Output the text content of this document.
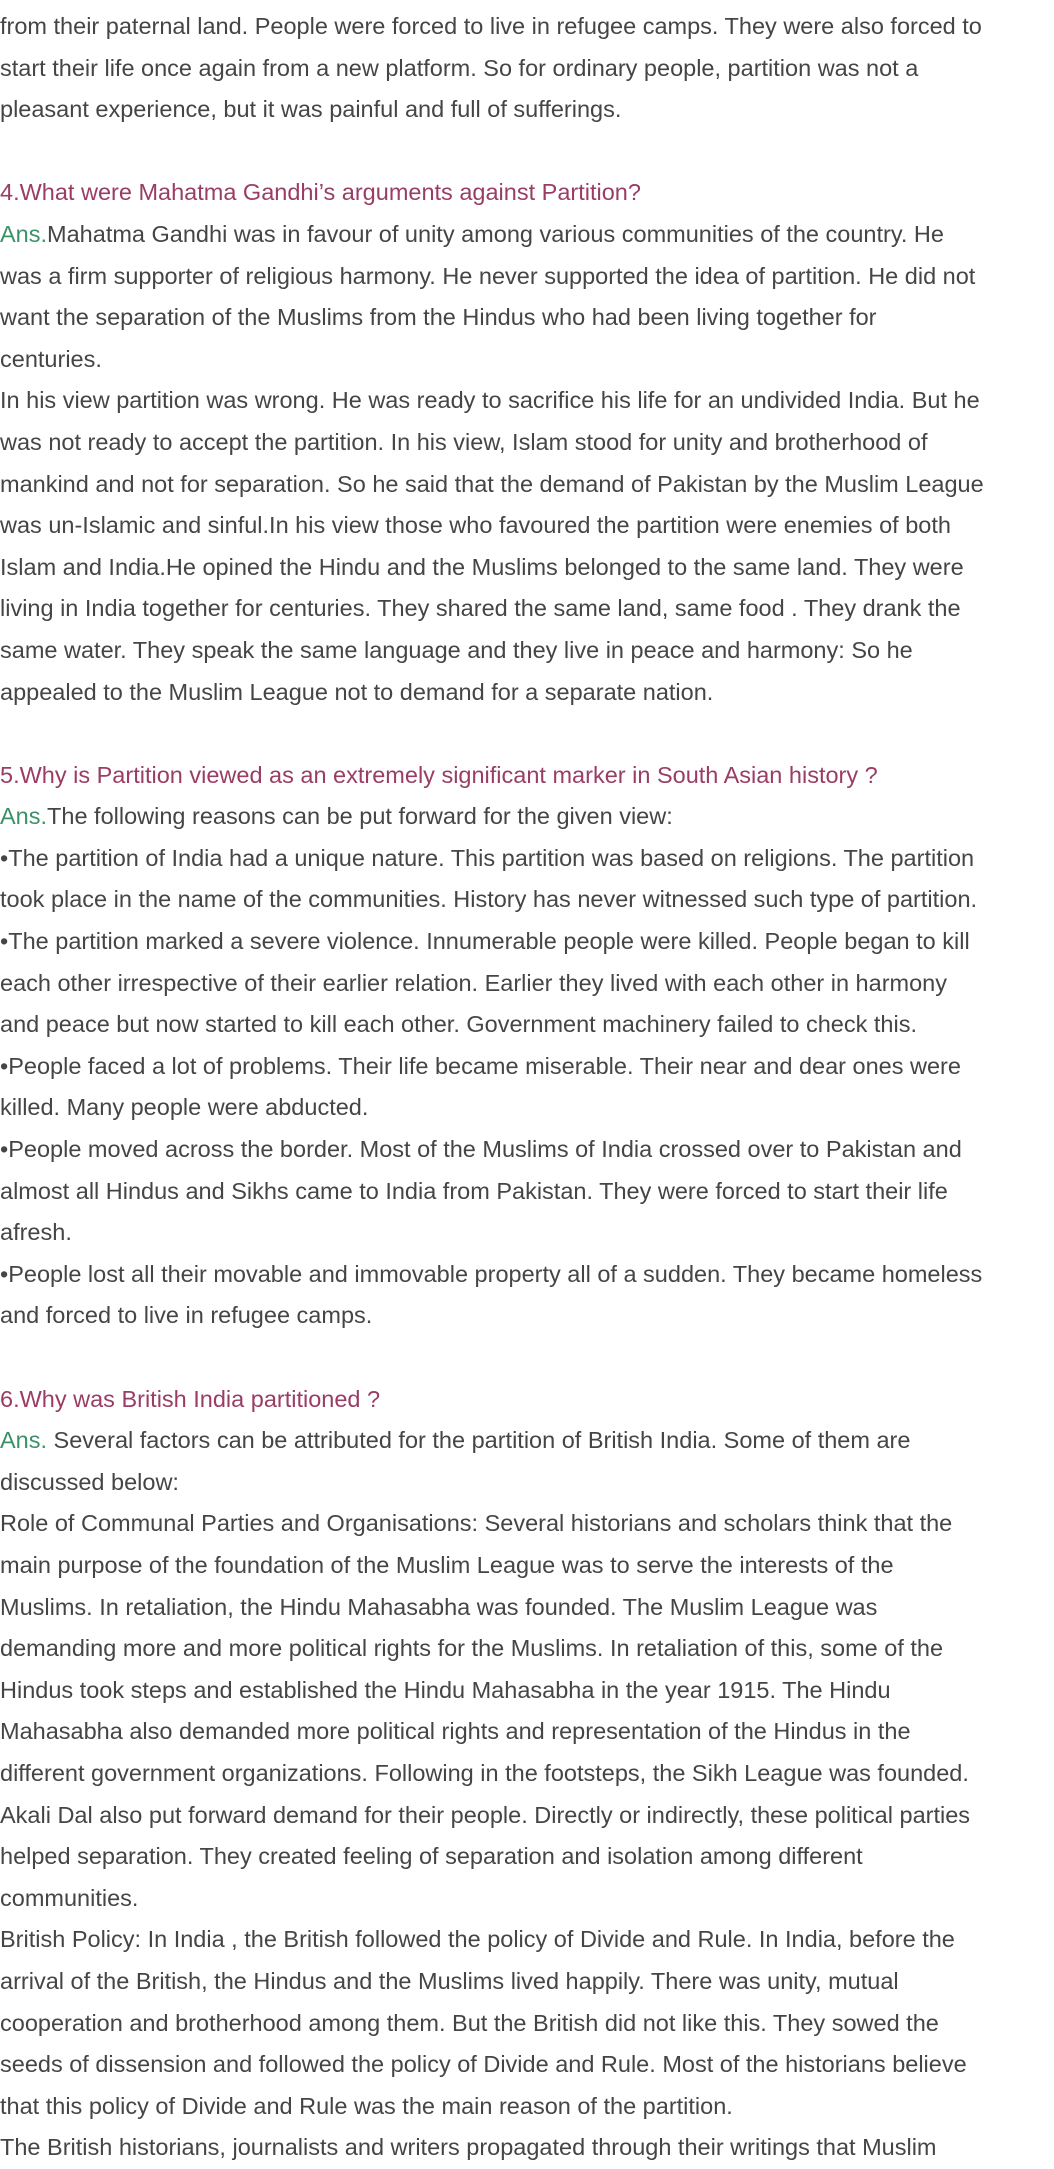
from their paternal land. People were forced to live in refugee camps. They were also forced to
start their life once again from a new platform. So for ordinary people, partition was not a
pleasant experience, but it was painful and full of sufferings.
4.What were Mahatma Gandhi’s arguments against Partition?
Ans.Mahatma Gandhi was in favour of unity among various communities of the country. He
was a firm supporter of religious harmony. He never supported the idea of partition. He did not
want the separation of the Muslims from the Hindus who had been living together for
centuries.
In his view partition was wrong. He was ready to sacrifice his life for an undivided India. But he
was not ready to accept the partition. In his view, Islam stood for unity and brotherhood of
mankind and not for separation. So he said that the demand of Pakistan by the Muslim League
was un-Islamic and sinful.In his view those who favoured the partition were enemies of both
Islam and India.He opined the Hindu and the Muslims belonged to the same land. They were
living in India together for centuries. They shared the same land, same food . They drank the
same water. They speak the same language and they live in peace and harmony: So he
appealed to the Muslim League not to demand for a separate nation.
5.Why is Partition viewed as an extremely significant marker in South Asian history ?
Ans.The following reasons can be put forward for the given view:
•The partition of India had a unique nature. This partition was based on religions. The partition
took place in the name of the communities. History has never witnessed such type of partition.
•The partition marked a severe violence. Innumerable people were killed. People began to kill
each other irrespective of their earlier relation. Earlier they lived with each other in harmony
and peace but now started to kill each other. Government machinery failed to check this.
•People faced a lot of problems. Their life became miserable. Their near and dear ones were
killed. Many people were abducted.
•People moved across the border. Most of the Muslims of India crossed over to Pakistan and
almost all Hindus and Sikhs came to India from Pakistan. They were forced to start their life
afresh.
•People lost all their movable and immovable property all of a sudden. They became homeless
and forced to live in refugee camps.
6.Why was British India partitioned ?
Ans. Several factors can be attributed for the partition of British India. Some of them are
discussed below:
Role of Communal Parties and Organisations: Several historians and scholars think that the
main purpose of the foundation of the Muslim League was to serve the interests of the
Muslims. In retaliation, the Hindu Mahasabha was founded. The Muslim League was
demanding more and more political rights for the Muslims. In retaliation of this, some of the
Hindus took steps and established the Hindu Mahasabha in the year 1915. The Hindu
Mahasabha also demanded more political rights and representation of the Hindus in the
different government organizations. Following in the footsteps, the Sikh League was founded.
Akali Dal also put forward demand for their people. Directly or indirectly, these political parties
helped separation. They created feeling of separation and isolation among different
communities.
British Policy: In India , the British followed the policy of Divide and Rule. In India, before the
arrival of the British, the Hindus and the Muslims lived happily. There was unity, mutual
cooperation and brotherhood among them. But the British did not like this. They sowed the
seeds of dissension and followed the policy of Divide and Rule. Most of the historians believe
that this policy of Divide and Rule was the main reason of the partition.
The British historians, journalists and writers propagated through their writings that Muslim
